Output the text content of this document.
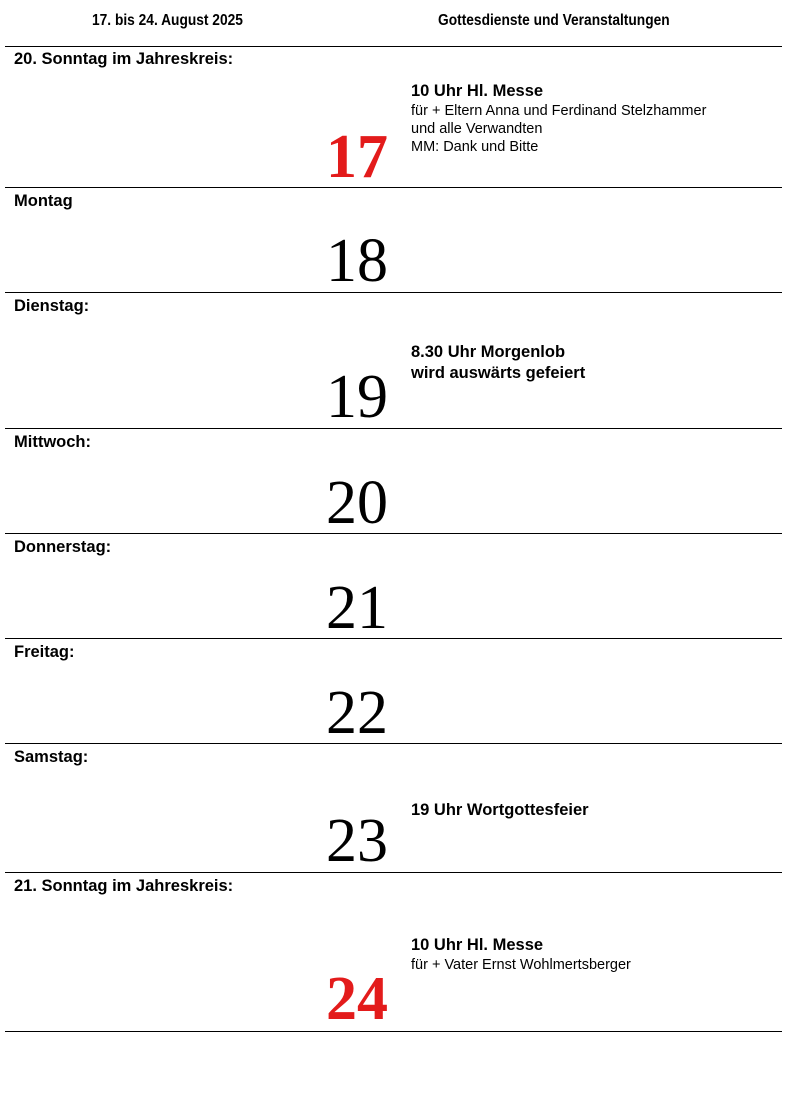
17. bis 24. August 2025	Gottesdienste und Veranstaltungen
20. Sonntag im Jahreskreis:
17
10 Uhr Hl. Messe
für + Eltern Anna und Ferdinand Stelzhammer
und alle Verwandten
MM: Dank und Bitte
Montag
18
Dienstag:
19
8.30 Uhr Morgenlob
wird auswärts gefeiert
Mittwoch:
20
Donnerstag:
21
Freitag:
22
Samstag:
23 19 Uhr Wortgottesfeier
21. Sonntag im Jahreskreis:
24
10 Uhr Hl. Messe
für + Vater Ernst Wohlmertsberger
